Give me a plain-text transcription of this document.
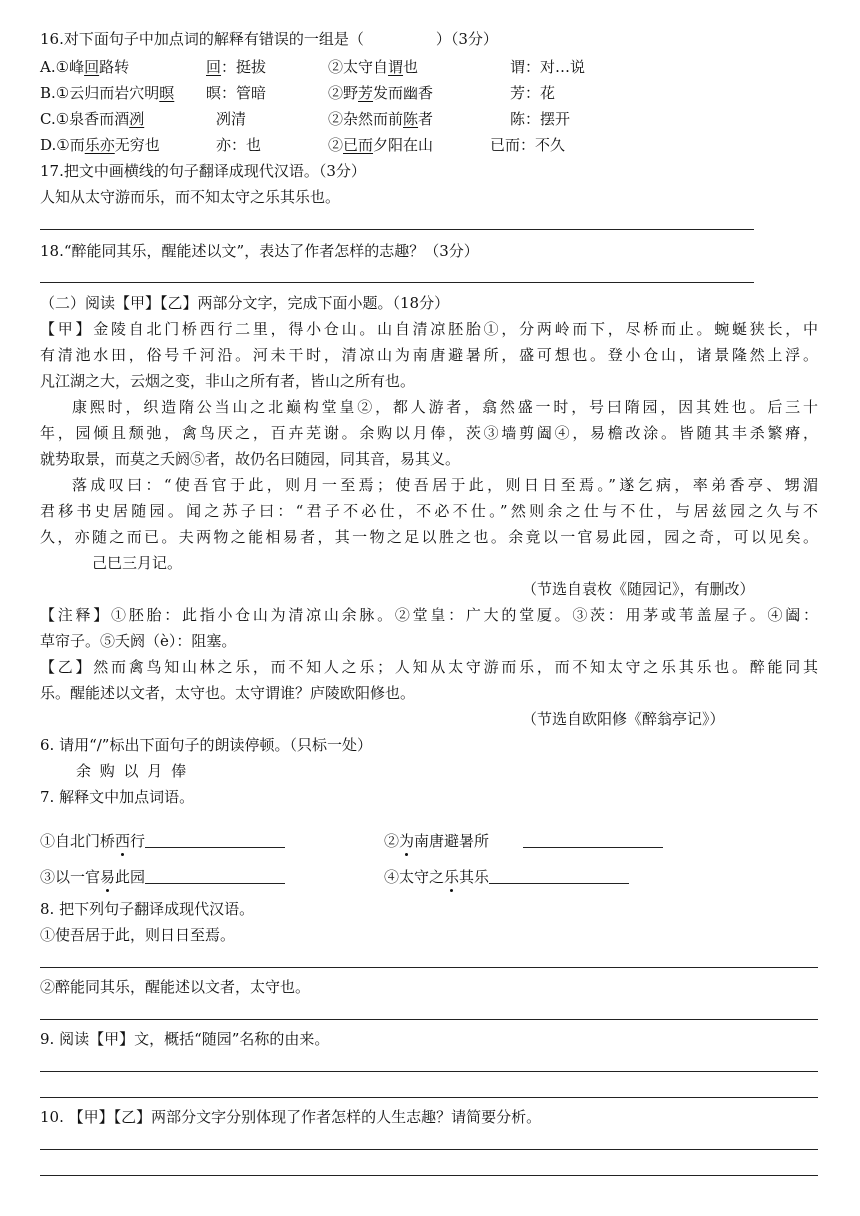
16.对下面句子中加点词的解释有错误的一组是（	）（3分）
A.①峰回路转	回：挺拔	②太守自谓也	谓：对…说
B.①云归而岩穴明暝 暝：管暗	②野芳发而幽香	芳：花
C.①泉香而酒冽	冽清	②杂然而前陈者	陈：摆开
D.①而乐亦无穷也	亦：也	②已而夕阳在山	已而：不久
17.把文中画横线的句子翻译成现代汉语。（3分）
人知从太守游而乐，而不知太守之乐其乐也。
18.“醉能同其乐，醒能述以文”，表达了作者怎样的志趣？（3分）
（二）阅读【甲】【乙】两部分文字，完成下面小题。（18分）
【甲】金陵自北门桥西行二里，得小仓山。山自清凉胚胎①，分两岭而下，尽桥而止。蜿蜒狭长，中
有清池水田，俗号千河沿。河未干时，清凉山为南唐避暑所，盛可想也。登小仓山，诸景隆然上浮。
凡江湖之大，云烟之变，非山之所有者，皆山之所有也。
康熙时，织造隋公当山之北巅构堂皇②，都人游者，翕然盛一时，号曰隋园，因其姓也。后三十
年，园倾且颓弛，禽鸟厌之，百卉芜谢。余购以月俸，茨③墙剪阖④，易檐改涂。皆随其丰杀繁瘠，
就势取景，而莫之夭阏⑤者，故仍名曰随园，同其音，易其义。
落成叹曰：“使吾官于此，则月一至焉；使吾居于此，则日日至焉。”遂乞病，率弟香亭、甥湄
君移书史居随园。闻之苏子曰：“君子不必仕，不必不仕。”然则余之仕与不仕，与居兹园之久与不
久，亦随之而已。夫两物之能相易者，其一物之足以胜之也。余竟以一官易此园，园之奇，可以见矣。
己巳三月记。
（节选自袁枚《随园记》，有删改）
【注释】①胚胎：此指小仓山为清凉山余脉。②堂皇：广大的堂厦。③茨：用茅或苇盖屋子。④阖：
草帘子。⑤夭阏（è）：阻塞。
【乙】然而禽鸟知山林之乐，而不知人之乐；人知从太守游而乐，而不知太守之乐其乐也。醉能同其
乐。醒能述以文者，太守也。太守谓谁？庐陵欧阳修也。
（节选自欧阳修《醉翁亭记》）
6. 请用“/”标出下面句子的朗读停顿。（只标一处）
余 购 以 月 俸
7. 解释文中加点词语。
①自北门桥西行	②为南唐避暑所
③以一官易此园	④太守之乐其乐
8. 把下列句子翻译成现代汉语。
①使吾居于此，则日日至焉。
②醉能同其乐，醒能述以文者，太守也。
9. 阅读【甲】文，概括“随园”名称的由来。
10. 【甲】【乙】两部分文字分别体现了作者怎样的人生志趣？请简要分析。
